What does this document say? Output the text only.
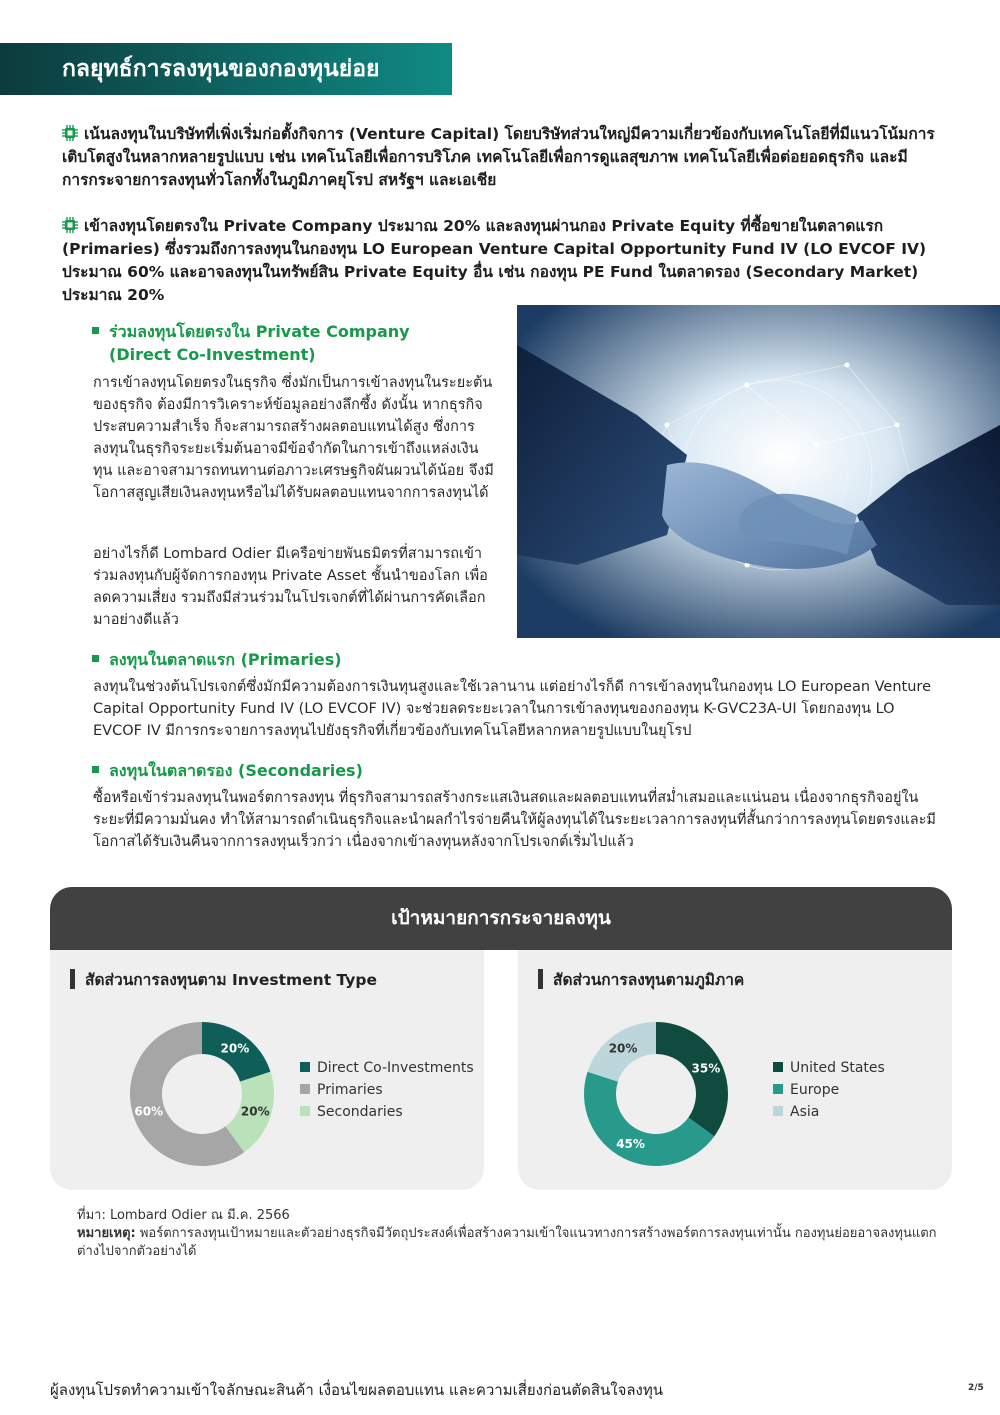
กลยุทธ์การลงทุนของกองทุนย่อย
เน้นลงทุนในบริษัทที่เพิ่งเริ่มก่อตั้งกิจการ (Venture Capital) โดยบริษัทส่วนใหญ่มีความเกี่ยวข้องกับเทคโนโลยีที่มีแนวโน้มการเติบโตสูงในหลากหลายรูปแบบ เช่น เทคโนโลยีเพื่อการบริโภค เทคโนโลยีเพื่อการดูแลสุขภาพ เทคโนโลยีเพื่อต่อยอดธุรกิจ และมีการกระจายการลงทุนทั่วโลกทั้งในภูมิภาคยุโรป สหรัฐฯ และเอเชีย
เข้าลงทุนโดยตรงใน Private Company ประมาณ 20% และลงทุนผ่านกอง Private Equity ที่ซื้อขายในตลาดแรก (Primaries) ซึ่งรวมถึงการลงทุนในกองทุน LO European Venture Capital Opportunity Fund IV (LO EVCOF IV) ประมาณ 60% และอาจลงทุนในทรัพย์สิน Private Equity อื่น เช่น กองทุน PE Fund ในตลาดรอง (Secondary Market) ประมาณ 20%
ร่วมลงทุนโดยตรงใน Private Company
(Direct Co-Investment)
การเข้าลงทุนโดยตรงในธุรกิจ ซึ่งมักเป็นการเข้าลงทุนในระยะต้นของธุรกิจ ต้องมีการวิเคราะห์ข้อมูลอย่างลึกซึ้ง ดังนั้น หากธุรกิจประสบความสำเร็จ ก็จะสามารถสร้างผลตอบแทนได้สูง ซึ่งการลงทุนในธุรกิจระยะเริ่มต้นอาจมีข้อจำกัดในการเข้าถึงแหล่งเงินทุน และอาจสามารถทนทานต่อภาวะเศรษฐกิจผันผวนได้น้อย จึงมีโอกาสสูญเสียเงินลงทุนหรือไม่ได้รับผลตอบแทนจากการลงทุนได้
อย่างไรก็ดี Lombard Odier มีเครือข่ายพันธมิตรที่สามารถเข้าร่วมลงทุนกับผู้จัดการกองทุน Private Asset ชั้นนำของโลก เพื่อลดความเสี่ยง รวมถึงมีส่วนร่วมในโปรเจกต์ที่ได้ผ่านการคัดเลือกมาอย่างดีแล้ว
ลงทุนในตลาดแรก (Primaries)
ลงทุนในช่วงต้นโปรเจกต์ซึ่งมักมีความต้องการเงินทุนสูงและใช้เวลานาน แต่อย่างไรก็ดี การเข้าลงทุนในกองทุน LO European Venture Capital Opportunity Fund IV (LO EVCOF IV) จะช่วยลดระยะเวลาในการเข้าลงทุนของกองทุน K-GVC23A-UI โดยกองทุน LO EVCOF IV มีการกระจายการลงทุนไปยังธุรกิจที่เกี่ยวข้องกับเทคโนโลยีหลากหลายรูปแบบในยุโรป
ลงทุนในตลาดรอง (Secondaries)
ซื้อหรือเข้าร่วมลงทุนในพอร์ตการลงทุน ที่ธุรกิจสามารถสร้างกระแสเงินสดและผลตอบแทนที่สม่ำเสมอและแน่นอน เนื่องจากธุรกิจอยู่ในระยะที่มีความมั่นคง ทำให้สามารถดำเนินธุรกิจและนำผลกำไรจ่ายคืนให้ผู้ลงทุนได้ในระยะเวลาการลงทุนที่สั้นกว่าการลงทุนโดยตรงและมีโอกาสได้รับเงินคืนจากการลงทุนเร็วกว่า เนื่องจากเข้าลงทุนหลังจากโปรเจกต์เริ่มไปแล้ว
เป้าหมายการกระจายลงทุน
สัดส่วนการลงทุนตาม Investment Type
20%
20%
60%
Direct Co-Investments
Primaries
Secondaries
สัดส่วนการลงทุนตามภูมิภาค
35%
45%
20%
United States
Europe
Asia
ที่มา: Lombard Odier ณ มี.ค. 2566
หมายเหตุ: พอร์ตการลงทุนเป้าหมายและตัวอย่างธุรกิจมีวัตถุประสงค์เพื่อสร้างความเข้าใจแนวทางการสร้างพอร์ตการลงทุนเท่านั้น กองทุนย่อยอาจลงทุนแตกต่างไปจากตัวอย่างได้
ผู้ลงทุนโปรดทำความเข้าใจลักษณะสินค้า เงื่อนไขผลตอบแทน และความเสี่ยงก่อนตัดสินใจลงทุน	2/5
